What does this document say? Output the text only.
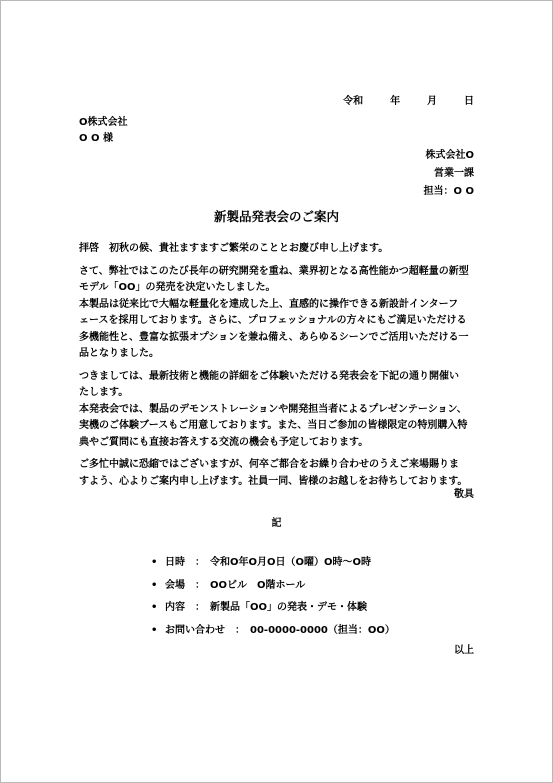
令和	年	月	日
O株式会社
O O 様
株式会社O
営業一課
担当：O O
新製品発表会のご案内

拝啓　初秋の候、貴社ますますご繁栄のこととお慶び申し上げます。

さて、弊社ではこのたび長年の研究開発を重ね、業界初となる高性能かつ超軽量の新型
モデル「OO」の発売を決定いたしました。
本製品は従来比で大幅な軽量化を達成した上、直感的に操作できる新設計インターフ
ェースを採用しております。さらに、プロフェッショナルの方々にもご満足いただける
多機能性と、豊富な拡張オプションを兼ね備え、あらゆるシーンでご活用いただける一
品となりました。

つきましては、最新技術と機能の詳細をご体験いただける発表会を下記の通り開催い
たします。
本発表会では、製品のデモンストレーションや開発担当者によるプレゼンテーション、
実機のご体験ブースもご用意しております。また、当日ご参加の皆様限定の特別購入特
典やご質問にも直接お答えする交流の機会も予定しております。

ご多忙中誠に恐縮ではございますが、何卒ご都合をお繰り合わせのうえご来場賜りま
すよう、心よりご案内申し上げます。社員一同、皆様のお越しをお待ちしております。

敬具
記
• 日時　：　令和O年O月O日（O曜）O時～O時
• 会場　：　OOビル　O階ホール
• 内容　：　新製品「OO」の発表・デモ・体験
• お問い合わせ　：　00-0000-0000（担当：OO）
以上
